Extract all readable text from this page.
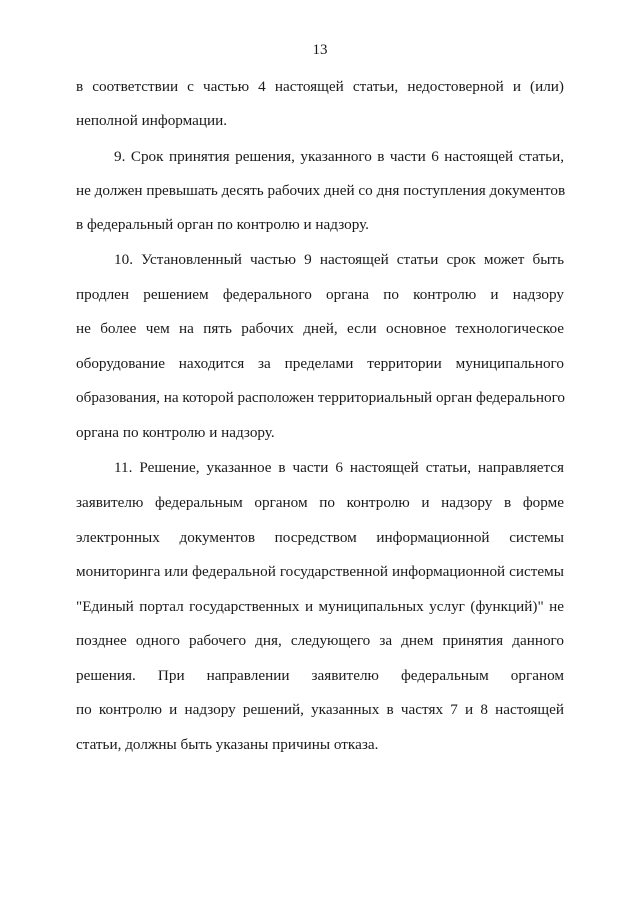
13
в соответствии с частью 4 настоящей статьи, недостоверной и (или)
неполной информации.
9. Срок принятия решения, указанного в части 6 настоящей статьи,
не должен превышать десять рабочих дней со дня поступления документов
в федеральный орган по контролю и надзору.
10. Установленный частью 9 настоящей статьи срок может быть
продлен решением федерального органа по контролю и надзору
не более чем на пять рабочих дней, если основное технологическое
оборудование находится за пределами территории муниципального
образования, на которой расположен территориальный орган федерального
органа по контролю и надзору.
11. Решение, указанное в части 6 настоящей статьи, направляется
заявителю федеральным органом по контролю и надзору в форме
электронных документов посредством информационной системы
мониторинга или федеральной государственной информационной системы
"Единый портал государственных и муниципальных услуг (функций)" не
позднее одного рабочего дня, следующего за днем принятия данного
решения. При направлении заявителю федеральным органом
по контролю и надзору решений, указанных в частях 7 и 8 настоящей
статьи, должны быть указаны причины отказа.
